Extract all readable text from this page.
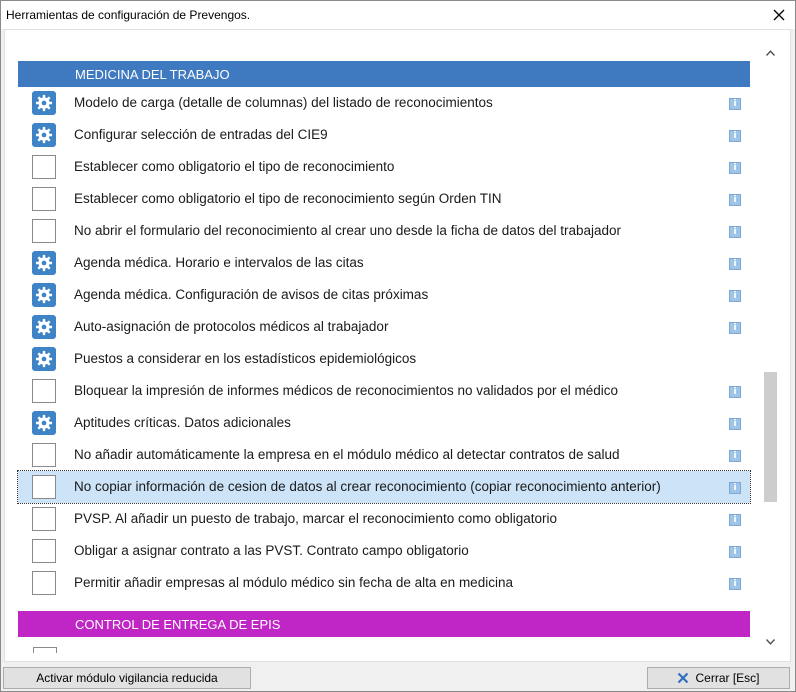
Herramientas de configuración de Prevengos.
MEDICINA DEL TRABAJO
Modelo de carga (detalle de columnas) del listado de reconocimientos	i
Configurar selección de entradas del CIE9	i
Establecer como obligatorio el tipo de reconocimiento	i
Establecer como obligatorio el tipo de reconocimiento según Orden TIN	i
No abrir el formulario del reconocimiento al crear uno desde la ficha de datos del trabajador	i
Agenda médica. Horario e intervalos de las citas	i
Agenda médica. Configuración de avisos de citas próximas	i
Auto-asignación de protocolos médicos al trabajador	i
Puestos a considerar en los estadísticos epidemiológicos
Bloquear la impresión de informes médicos de reconocimientos no validados por el médico	i
Aptitudes críticas. Datos adicionales	i
No añadir automáticamente la empresa en el módulo médico al detectar contratos de salud	i
No copiar información de cesion de datos al crear reconocimiento (copiar reconocimiento anterior)	i
PVSP. Al añadir un puesto de trabajo, marcar el reconocimiento como obligatorio	i
Obligar a asignar contrato a las PVST. Contrato campo obligatorio	i
Permitir añadir empresas al módulo médico sin fecha de alta en medicina	i
CONTROL DE ENTREGA DE EPIS
Activar módulo vigilancia reducida	Cerrar [Esc]
